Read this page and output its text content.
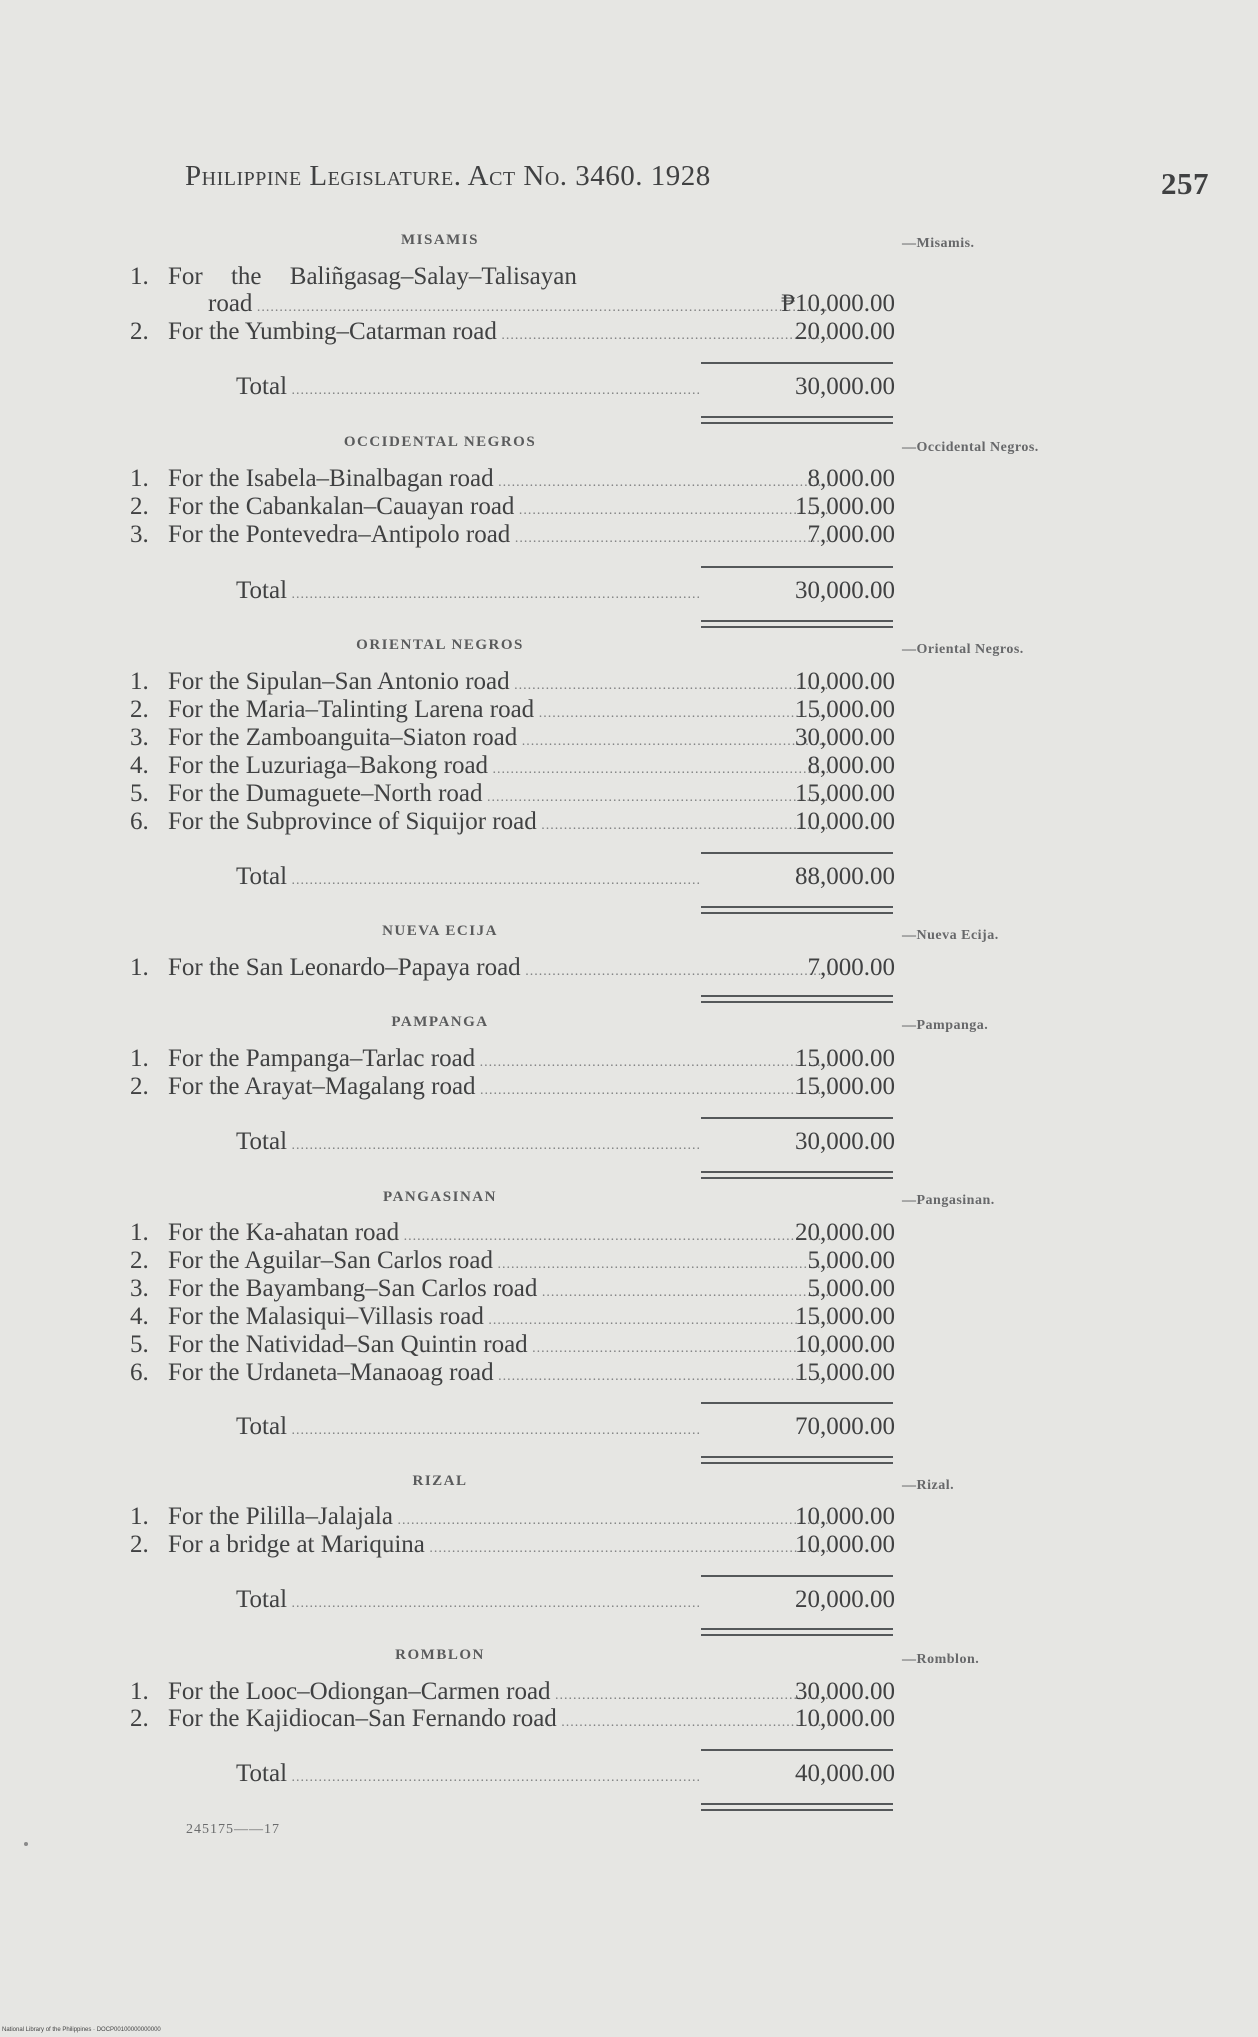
Philippine Legislature. Act No. 3460. 1928	257
MISAMIS	—Misamis.
1. For the Baliñgasag–Salay–Talisayan
road .....	₱10,000.00
2. For the Yumbing–Catarman road .....	20,000.00
Total .....	30,000.00
OCCIDENTAL NEGROS	—Occidental Negros.
1. For the Isabela–Binalbagan road .....	8,000.00
2. For the Cabankalan–Cauayan road .....	15,000.00
3. For the Pontevedra–Antipolo road .....	7,000.00
Total .....	30,000.00
ORIENTAL NEGROS	—Oriental Negros.
1. For the Sipulan–San Antonio road .....	10,000.00
2. For the Maria–Talinting Larena road .....	15,000.00
3. For the Zamboanguita–Siaton road .....	30,000.00
4. For the Luzuriaga–Bakong road .....	8,000.00
5. For the Dumaguete–North road .....	15,000.00
6. For the Subprovince of Siquijor road .....	10,000.00
Total .....	88,000.00
NUEVA ECIJA	—Nueva Ecija.
1. For the San Leonardo–Papaya road .....	7,000.00
PAMPANGA	—Pampanga.
1. For the Pampanga–Tarlac road .....	15,000.00
2. For the Arayat–Magalang road .....	15,000.00
Total .....	30,000.00
PANGASINAN	—Pangasinan.
1. For the Ka-ahatan road .....	20,000.00
2. For the Aguilar–San Carlos road .....	5,000.00
3. For the Bayambang–San Carlos road .....	5,000.00
4. For the Malasiqui–Villasis road .....	15,000.00
5. For the Natividad–San Quintin road .....	10,000.00
6. For the Urdaneta–Manaoag road .....	15,000.00
Total .....	70,000.00
RIZAL	—Rizal.
1. For the Pililla–Jalajala .....	10,000.00
2. For a bridge at Mariquina .....	10,000.00
Total .....	20,000.00
ROMBLON	—Romblon.
1. For the Looc–Odiongan–Carmen road .....	30,000.00
2. For the Kajidiocan–San Fernando road .....	10,000.00
Total .....	40,000.00
245175——17
National Library of the Philippines · DOCP00100000000000
